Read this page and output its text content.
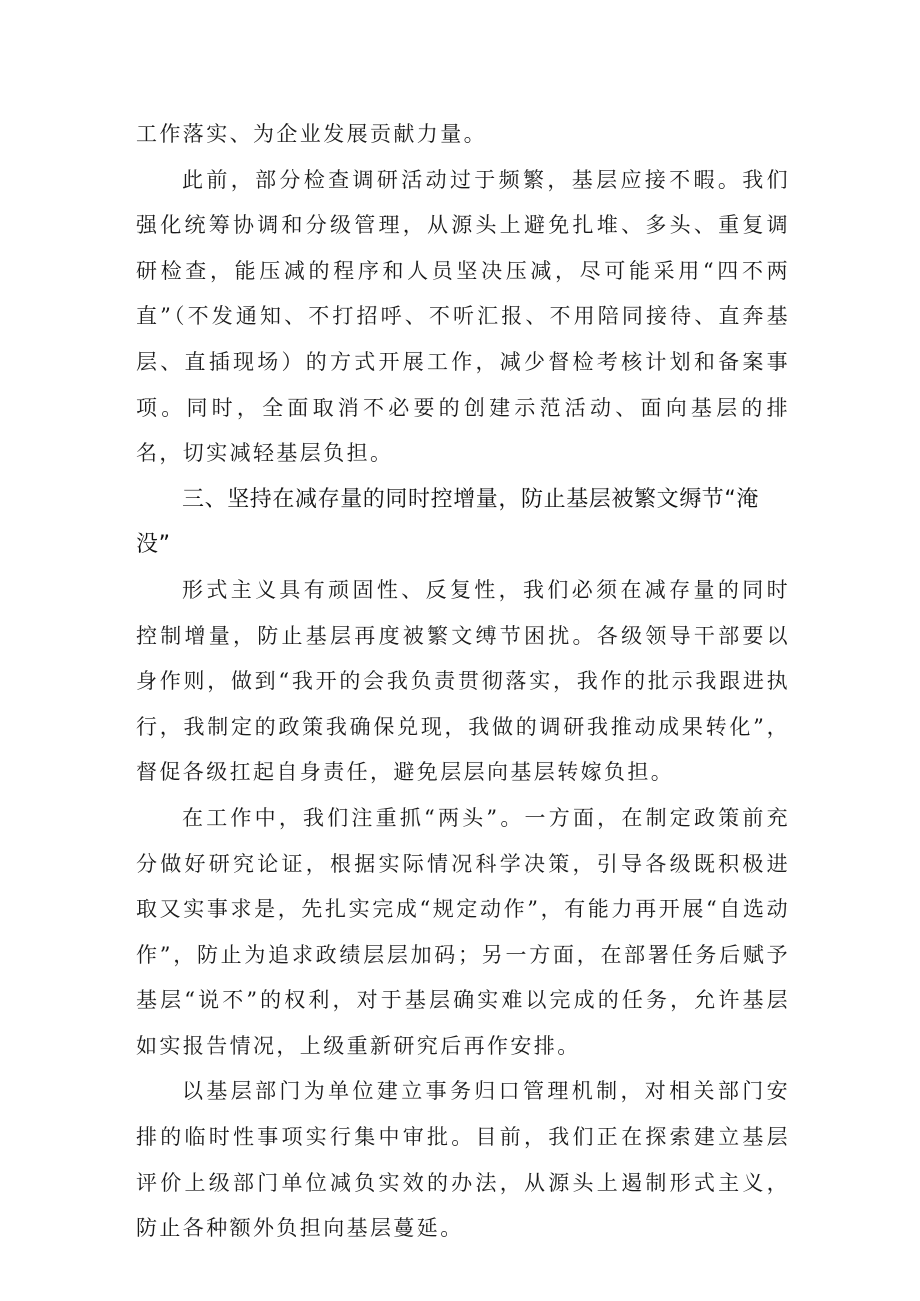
工作落实、为企业发展贡献力量。

此前，部分检查调研活动过于频繁，基层应接不暇。我们强化统筹协调和分级管理，从源头上避免扎堆、多头、重复调研检查，能压减的程序和人员坚决压减，尽可能采用“四不两直”（不发通知、不打招呼、不听汇报、不用陪同接待、直奔基层、直插现场）的方式开展工作，减少督检考核计划和备案事项。同时，全面取消不必要的创建示范活动、面向基层的排名，切实减轻基层负担。

三、坚持在减存量的同时控增量，防止基层被繁文缛节“淹没”

形式主义具有顽固性、反复性，我们必须在减存量的同时控制增量，防止基层再度被繁文缚节困扰。各级领导干部要以身作则，做到“我开的会我负责贯彻落实，我作的批示我跟进执行，我制定的政策我确保兑现，我做的调研我推动成果转化”，督促各级扛起自身责任，避免层层向基层转嫁负担。

在工作中，我们注重抓“两头”。一方面，在制定政策前充分做好研究论证，根据实际情况科学决策，引导各级既积极进取又实事求是，先扎实完成“规定动作”，有能力再开展“自选动作”，防止为追求政绩层层加码；另一方面，在部署任务后赋予基层“说不”的权利，对于基层确实难以完成的任务，允许基层如实报告情况，上级重新研究后再作安排。

以基层部门为单位建立事务归口管理机制，对相关部门安排的临时性事项实行集中审批。目前，我们正在探索建立基层评价上级部门单位减负实效的办法，从源头上遏制形式主义，防止各种额外负担向基层蔓延。
